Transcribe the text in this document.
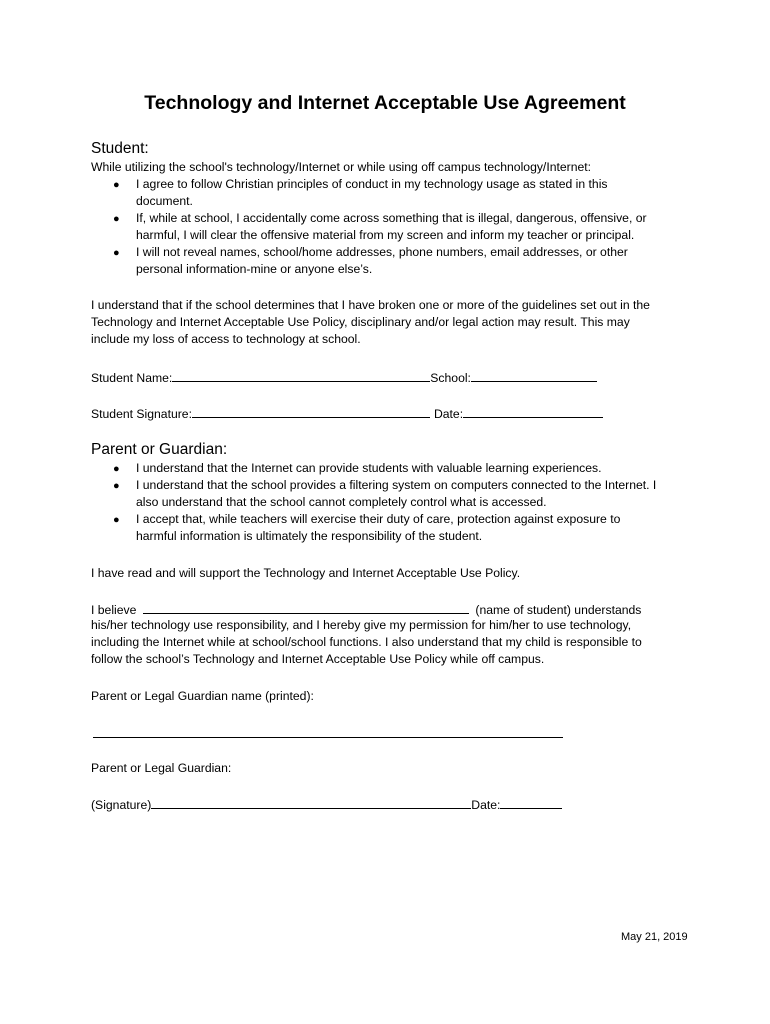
Technology and Internet Acceptable Use Agreement
Student:
While utilizing the school's technology/Internet or while using off campus technology/Internet:
● I agree to follow Christian principles of conduct in my technology usage as stated in this
document.
● If, while at school, I accidentally come across something that is illegal, dangerous, offensive, or
harmful, I will clear the offensive material from my screen and inform my teacher or principal.
● I will not reveal names, school/home addresses, phone numbers, email addresses, or other
personal information-mine or anyone else’s.
I understand that if the school determines that I have broken one or more of the guidelines set out in the
Technology and Internet Acceptable Use Policy, disciplinary and/or legal action may result. This may
include my loss of access to technology at school.
Student Name:	School:
Student Signature:	Date:
Parent or Guardian:
● I understand that the Internet can provide students with valuable learning experiences.
● I understand that the school provides a filtering system on computers connected to the Internet. I
also understand that the school cannot completely control what is accessed.
● I accept that, while teachers will exercise their duty of care, protection against exposure to
harmful information is ultimately the responsibility of the student.
I have read and will support the Technology and Internet Acceptable Use Policy.
I believe	(name of student) understands
his/her technology use responsibility, and I hereby give my permission for him/her to use technology,
including the Internet while at school/school functions. I also understand that my child is responsible to
follow the school’s Technology and Internet Acceptable Use Policy while off campus.
Parent or Legal Guardian name (printed):
Parent or Legal Guardian:
(Signature)	Date:
May 21, 2019
